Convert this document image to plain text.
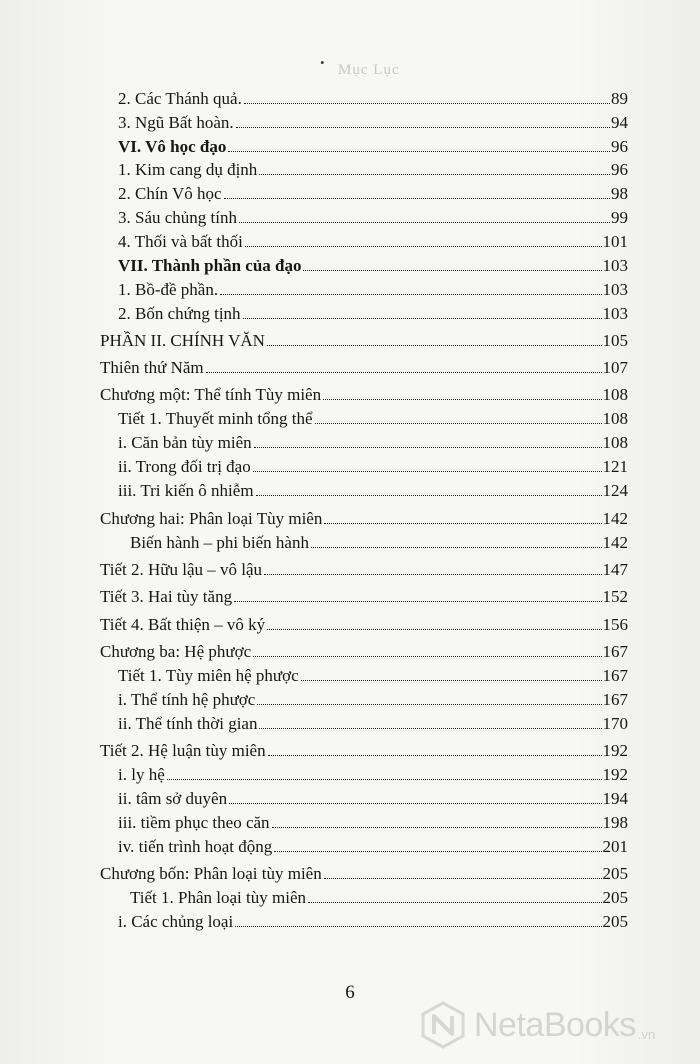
• Mục Lục
2. Các Thánh quả.	89
3. Ngũ Bất hoàn.	94
VI. Vô học đạo	96
1. Kim cang dụ định	96
2. Chín Vô học	98
3. Sáu chủng tính	99
4. Thối và bất thối	101
VII. Thành phần của đạo	103
1. Bồ-đề phần.	103
2. Bốn chứng tịnh	103
PHẦN II. CHÍNH VĂN	105
Thiên thứ Năm	107
Chương một: Thể tính Tùy miên	108
Tiết 1. Thuyết minh tổng thể	108
i. Căn bản tùy miên	108
ii. Trong đối trị đạo	121
iii. Tri kiến ô nhiễm	124
Chương hai: Phân loại Tùy miên	142
Biến hành – phi biến hành	142
Tiết 2. Hữu lậu – vô lậu	147
Tiết 3. Hai tùy tăng	152
Tiết 4. Bất thiện – vô ký	156
Chương ba: Hệ phược	167
Tiết 1. Tùy miên hệ phược	167
i. Thể tính hệ phược	167
ii. Thể tính thời gian	170
Tiết 2. Hệ luận tùy miên	192
i. ly hệ	192
ii. tâm sở duyên	194
iii. tiềm phục theo căn	198
iv. tiến trình hoạt động	201
Chương bốn: Phân loại tùy miên	205
Tiết 1. Phân loại tùy miên	205
i. Các chủng loại	205
6
NetaBooks .vn
